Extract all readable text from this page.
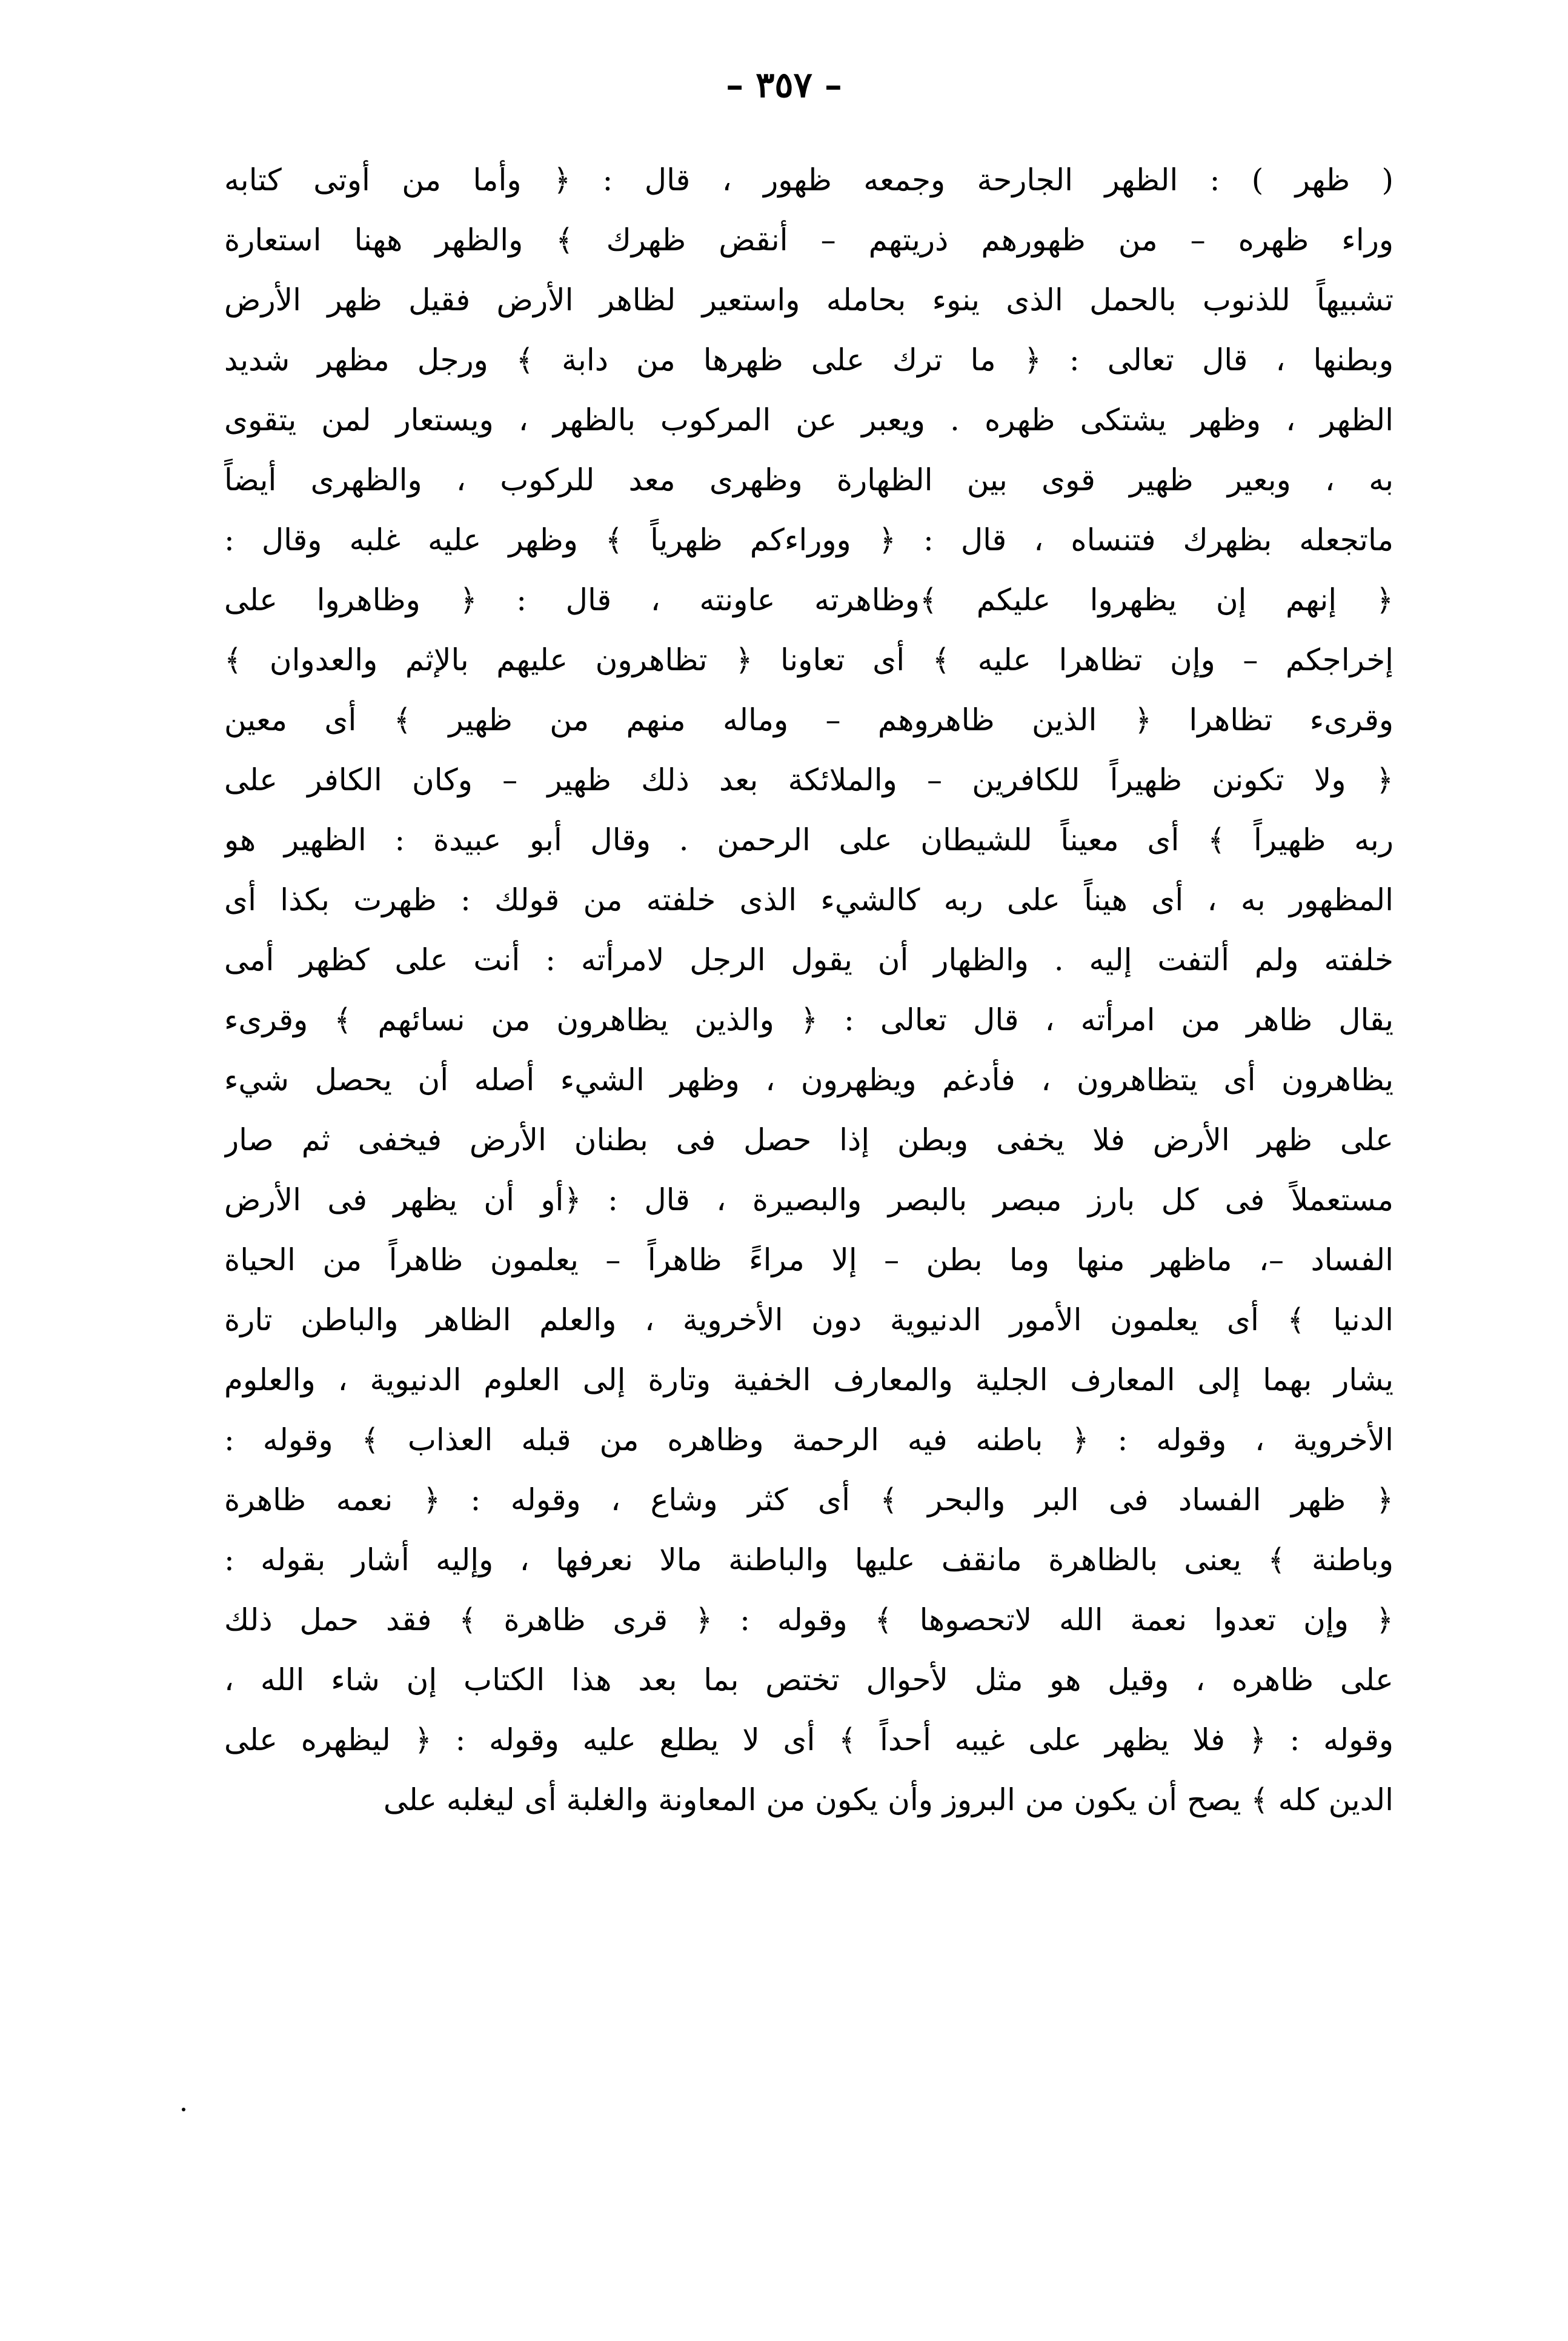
– ٣٥٧ –
( ظهر ) : الظهر الجارحة وجمعه ظهور ، قال : ﴿ وأما من أوتى كتابه
وراء ظهره – من ظهورهم ذريتهم – أنقض ظهرك ﴾ والظهر ههنا استعارة
تشبيهاً للذنوب بالحمل الذى ينوء بحامله واستعير لظاهر الأرض فقيل ظهر الأرض
وبطنها ، قال تعالى : ﴿ ما ترك على ظهرها من دابة ﴾ ورجل مظهر شديد
الظهر ، وظهر يشتكى ظهره . ويعبر عن المركوب بالظهر ، ويستعار لمن يتقوى
به ، وبعير ظهير قوى بين الظهارة وظهرى معد للركوب ، والظهرى أيضاً
ماتجعله بظهرك فتنساه ، قال : ﴿ ووراءكم ظهرياً ﴾ وظهر عليه غلبه وقال :
﴿ إنهم إن يظهروا عليكم ﴾وظاهرته عاونته ، قال : ﴿ وظاهروا على
إخراجكم – وإن تظاهرا عليه ﴾ أى تعاونا ﴿ تظاهرون عليهم بالإثم والعدوان ﴾
وقرىء تظاهرا ﴿ الذين ظاهروهم – وماله منهم من ظهير ﴾ أى معين
﴿ ولا تكونن ظهيراً للكافرين – والملائكة بعد ذلك ظهير – وكان الكافر على
ربه ظهيراً ﴾ أى معيناً للشيطان على الرحمن . وقال أبو عبيدة : الظهير هو
المظهور به ، أى هيناً على ربه كالشيء الذى خلفته من قولك : ظهرت بكذا أى
خلفته ولم ألتفت إليه . والظهار أن يقول الرجل لامرأته : أنت على كظهر أمى
يقال ظاهر من امرأته ، قال تعالى : ﴿ والذين يظاهرون من نسائهم ﴾ وقرىء
يظاهرون أى يتظاهرون ، فأدغم ويظهرون ، وظهر الشيء أصله أن يحصل شيء
على ظهر الأرض فلا يخفى وبطن إذا حصل فى بطنان الأرض فيخفى ثم صار
مستعملاً فى كل بارز مبصر بالبصر والبصيرة ، قال : ﴿أو أن يظهر فى الأرض
الفساد –، ماظهر منها وما بطن – إلا مراءً ظاهراً – يعلمون ظاهراً من الحياة
الدنيا ﴾ أى يعلمون الأمور الدنيوية دون الأخروية ، والعلم الظاهر والباطن تارة
يشار بهما إلى المعارف الجلية والمعارف الخفية وتارة إلى العلوم الدنيوية ، والعلوم
الأخروية ، وقوله : ﴿ باطنه فيه الرحمة وظاهره من قبله العذاب ﴾ وقوله :
﴿ ظهر الفساد فى البر والبحر ﴾ أى كثر وشاع ، وقوله : ﴿ نعمه ظاهرة
وباطنة ﴾ يعنى بالظاهرة مانقف عليها والباطنة مالا نعرفها ، وإليه أشار بقوله :
﴿ وإن تعدوا نعمة الله لاتحصوها ﴾ وقوله : ﴿ قرى ظاهرة ﴾ فقد حمل ذلك
على ظاهره ، وقيل هو مثل لأحوال تختص بما بعد هذا الكتاب إن شاء الله ،
وقوله : ﴿ فلا يظهر على غيبه أحداً ﴾ أى لا يطلع عليه وقوله : ﴿ ليظهره على
الدين كله ﴾ يصح أن يكون من البروز وأن يكون من المعاونة والغلبة أى ليغلبه على
